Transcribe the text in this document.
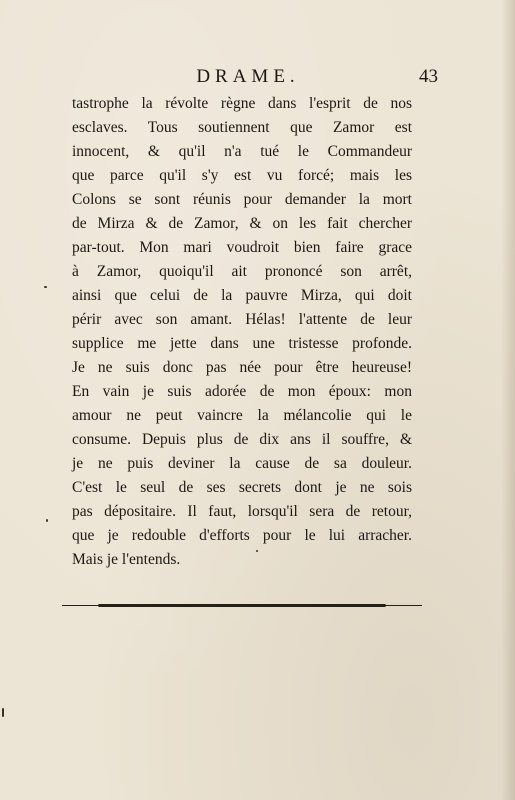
DRAME.	43
tastrophe la révolte règne dans l'esprit de nos
esclaves. Tous soutiennent que Zamor est
innocent, & qu'il n'a tué le Commandeur
que parce qu'il s'y est vu forcé; mais les
Colons se sont réunis pour demander la mort
de Mirza & de Zamor, & on les fait chercher
par-tout. Mon mari voudroit bien faire grace
à Zamor, quoiqu'il ait prononcé son arrêt,
ainsi que celui de la pauvre Mirza, qui doit
périr avec son amant. Hélas! l'attente de leur
supplice me jette dans une tristesse profonde.
Je ne suis donc pas née pour être heureuse!
En vain je suis adorée de mon époux: mon
amour ne peut vaincre la mélancolie qui le
consume. Depuis plus de dix ans il souffre, &
je ne puis deviner la cause de sa douleur.
C'est le seul de ses secrets dont je ne sois
pas dépositaire. Il faut, lorsqu'il sera de retour,
que je redouble d'efforts pour le lui arracher.
Mais je l'entends.
